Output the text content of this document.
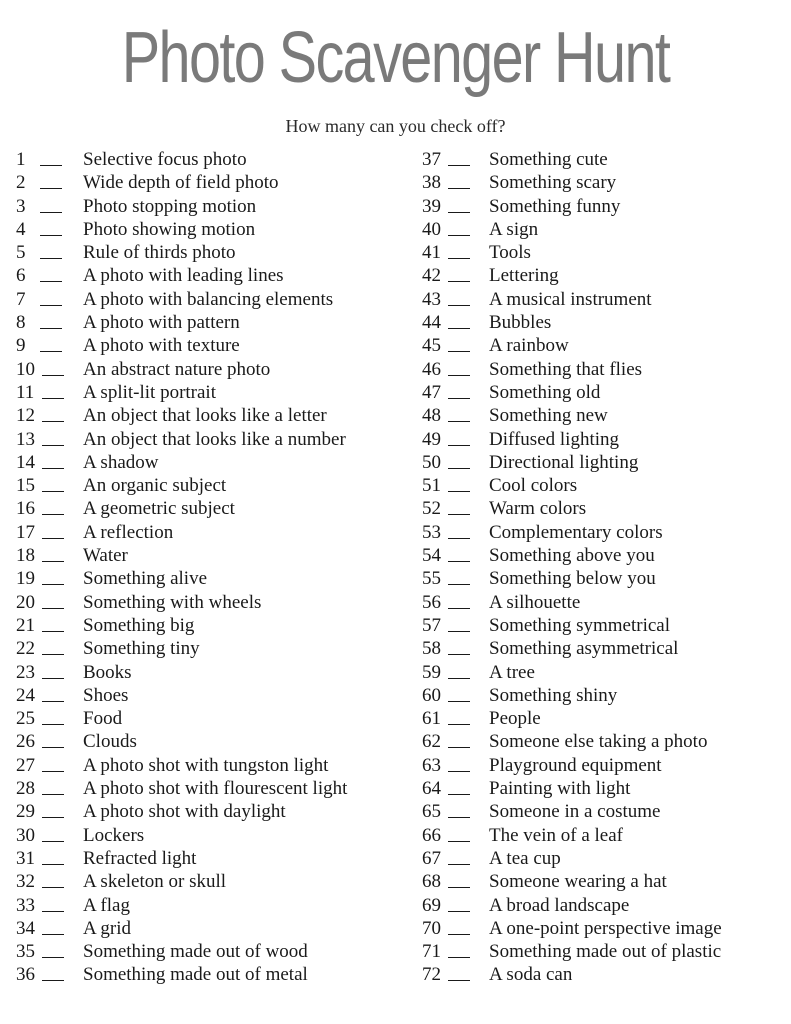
Photo Scavenger Hunt
How many can you check off?
1	Selective focus photo
2	Wide depth of field photo
3	Photo stopping motion
4	Photo showing motion
5	Rule of thirds photo
6	A photo with leading lines
7	A photo with balancing elements
8	A photo with pattern
9	A photo with texture
10	An abstract nature photo
11	A split-lit portrait
12	An object that looks like a letter
13	An object that looks like a number
14	A shadow
15	An organic subject
16	A geometric subject
17	A reflection
18	Water
19	Something alive
20	Something with wheels
21	Something big
22	Something tiny
23	Books
24	Shoes
25	Food
26	Clouds
27	A photo shot with tungston light
28	A photo shot with flourescent light
29	A photo shot with daylight
30	Lockers
31	Refracted light
32	A skeleton or skull
33	A flag
34	A grid
35	Something made out of wood
36	Something made out of metal
37	Something cute
38	Something scary
39	Something funny
40	A sign
41	Tools
42	Lettering
43	A musical instrument
44	Bubbles
45	A rainbow
46	Something that flies
47	Something old
48	Something new
49	Diffused lighting
50	Directional lighting
51	Cool colors
52	Warm colors
53	Complementary colors
54	Something above you
55	Something below you
56	A silhouette
57	Something symmetrical
58	Something asymmetrical
59	A tree
60	Something shiny
61	People
62	Someone else taking a photo
63	Playground equipment
64	Painting with light
65	Someone in a costume
66	The vein of a leaf
67	A tea cup
68	Someone wearing a hat
69	A broad landscape
70	A one-point perspective image
71	Something made out of plastic
72	A soda can
